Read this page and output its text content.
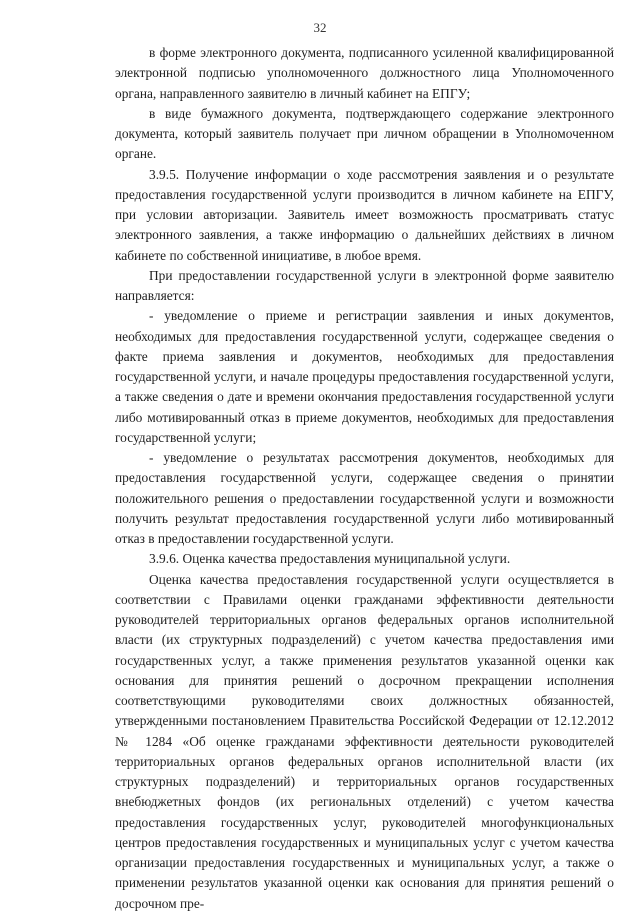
32

в форме электронного документа, подписанного усиленной квалифицированной электронной подписью уполномоченного должностного лица Уполномоченного органа, направленного заявителю в личный кабинет на ЕПГУ;

в виде бумажного документа, подтверждающего содержание электронного документа, который заявитель получает при личном обращении в Уполномоченном органе.

3.9.5. Получение информации о ходе рассмотрения заявления и о результате предоставления государственной услуги производится в личном кабинете на ЕПГУ, при условии авторизации. Заявитель имеет возможность просматривать статус электронного заявления, а также информацию о дальнейших действиях в личном кабинете по собственной инициативе, в любое время.

При предоставлении государственной услуги в электронной форме заявителю направляется:

- уведомление о приеме и регистрации заявления и иных документов, необходимых для предоставления государственной услуги, содержащее сведения о факте приема заявления и документов, необходимых для предоставления государственной услуги, и начале процедуры предоставления государственной услуги, а также сведения о дате и времени окончания предоставления государственной услуги либо мотивированный отказ в приеме документов, необходимых для предоставления государственной услуги;

- уведомление о результатах рассмотрения документов, необходимых для предоставления государственной услуги, содержащее сведения о принятии положительного решения о предоставлении государственной услуги и возможности получить результат предоставления государственной услуги либо мотивированный отказ в предоставлении государственной услуги.

3.9.6. Оценка качества предоставления муниципальной услуги.

Оценка качества предоставления государственной услуги осуществляется в соответствии с Правилами оценки гражданами эффективности деятельности руководителей территориальных органов федеральных органов исполнительной власти (их структурных подразделений) с учетом качества предоставления ими государственных услуг, а также применения результатов указанной оценки как основания для принятия решений о досрочном прекращении исполнения соответствующими руководителями своих должностных обязанностей, утвержденными постановлением Правительства Российской Федерации от 12.12.2012 № 1284 «Об оценке гражданами эффективности деятельности руководителей территориальных органов федеральных органов исполнительной власти (их структурных подразделений) и территориальных органов государственных внебюджетных фондов (их региональных отделений) с учетом качества предоставления государственных услуг, руководителей многофункциональных центров предоставления государственных и муниципальных услуг с учетом качества организации предоставления государственных и муниципальных услуг, а также о применении результатов указанной оценки как основания для принятия решений о досрочном пре-
